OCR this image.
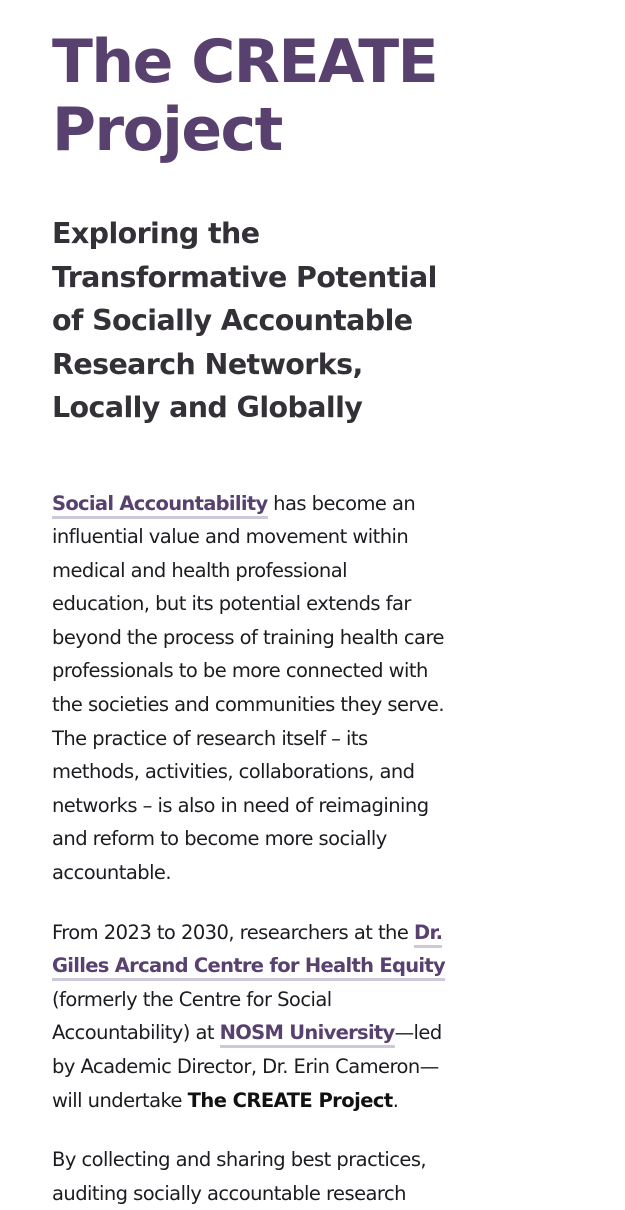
The CREATE
Project
Exploring the
Transformative Potential
of Socially Accountable
Research Networks,
Locally and Globally
Social Accountability has become an
influential value and movement within
medical and health professional
education, but its potential extends far
beyond the process of training health care
professionals to be more connected with
the societies and communities they serve.
The practice of research itself – its
methods, activities, collaborations, and
networks – is also in need of reimagining
and reform to become more socially
accountable.
From 2023 to 2030, researchers at the Dr.
Gilles Arcand Centre for Health Equity
(formerly the Centre for Social
Accountability) at NOSM University—led
by Academic Director, Dr. Erin Cameron—
will undertake The CREATE Project.
By collecting and sharing best practices,
auditing socially accountable research
